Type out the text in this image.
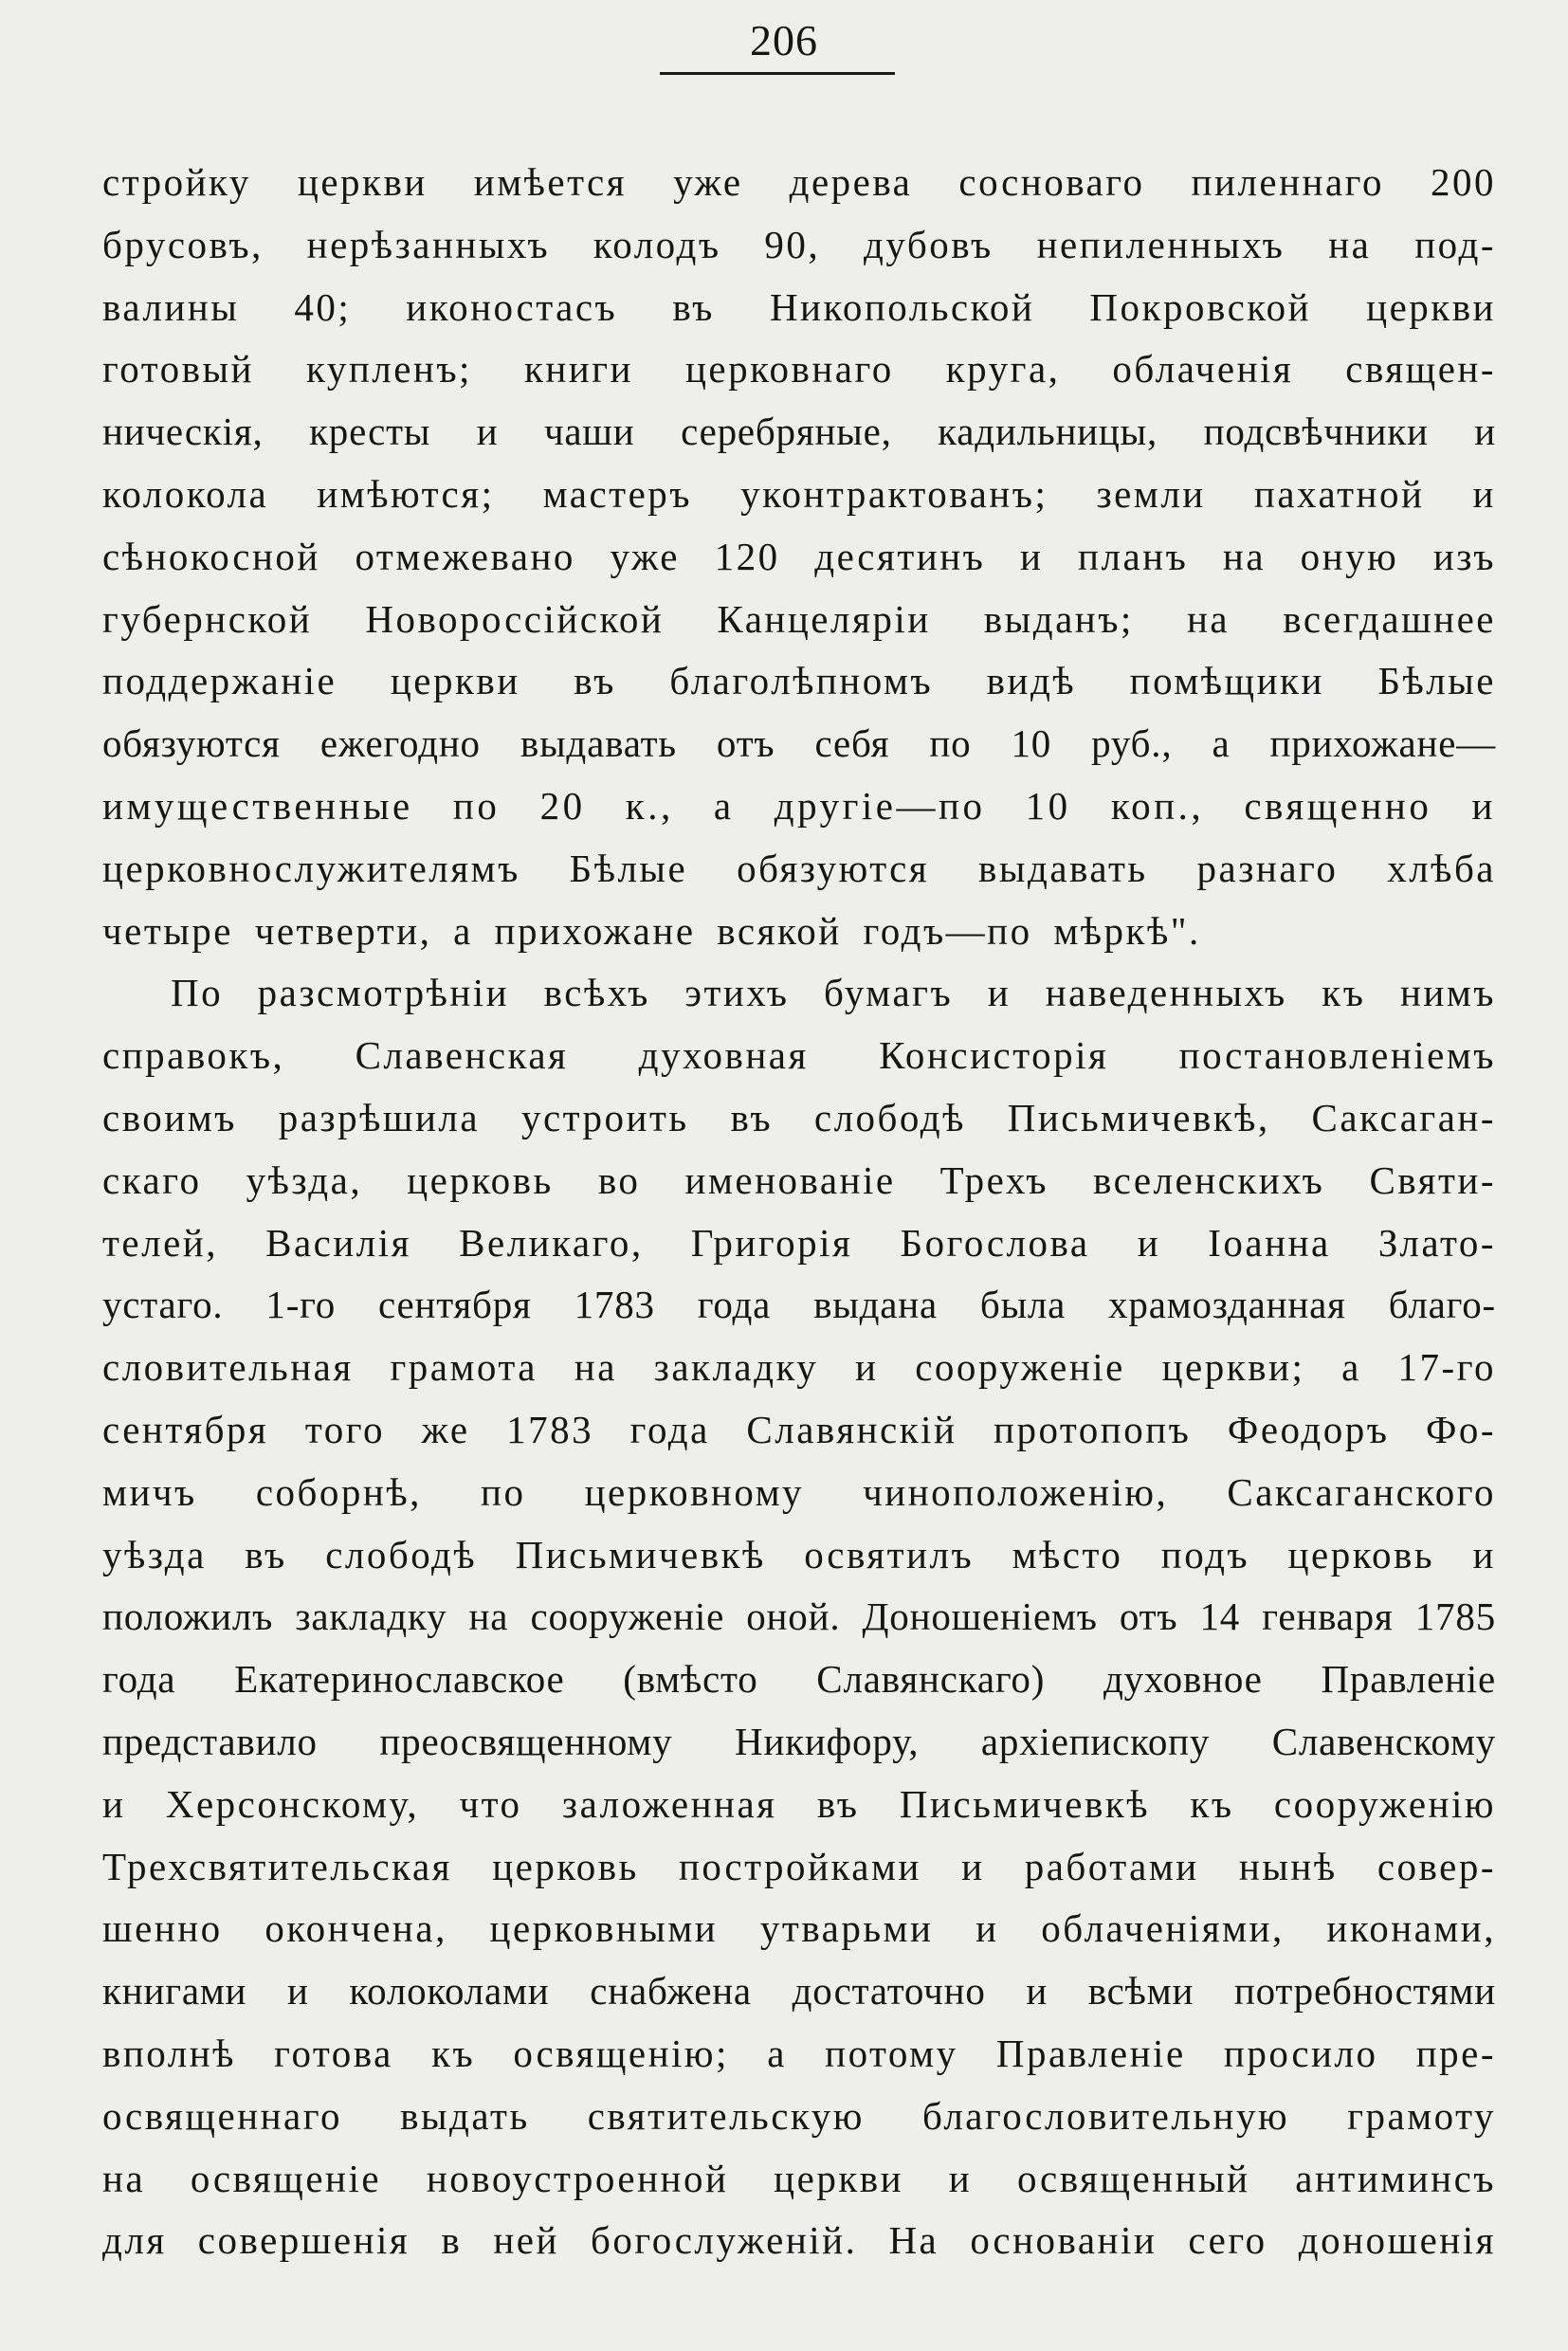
206
стройку церкви имѣется уже дерева сосноваго пиленнаго 200
брусовъ, нерѣзанныхъ колодъ 90, дубовъ непиленныхъ на под-
валины 40; иконостасъ въ Никопольской Покровской церкви
готовый купленъ; книги церковнаго круга, облаченія священ-
ническія, кресты и чаши серебряные, кадильницы, подсвѣчники и
колокола имѣются; мастеръ уконтрактованъ; земли пахатной и
сѣнокосной отмежевано уже 120 десятинъ и планъ на оную изъ
губернской Новороссійской Канцеляріи выданъ; на всегдашнее
поддержаніе церкви въ благолѣпномъ видѣ помѣщики Бѣлые
обязуются ежегодно выдавать отъ себя по 10 руб., а прихожане—
имущественные по 20 к., а другіе—по 10 коп., священно и
церковнослужителямъ Бѣлые обязуются выдавать разнаго хлѣба
четыре четверти, а прихожане всякой годъ—по мѣркѣ".
По разсмотрѣніи всѣхъ этихъ бумагъ и наведенныхъ къ нимъ
справокъ, Славенская духовная Консисторія постановленіемъ
своимъ разрѣшила устроить въ слободѣ Письмичевкѣ, Саксаган-
скаго уѣзда, церковь во именованіе Трехъ вселенскихъ Святи-
телей, Василія Великаго, Григорія Богослова и Іоанна Злато-
устаго. 1-го сентября 1783 года выдана была храмозданная благо-
словительная грамота на закладку и сооруженіе церкви; а 17-го
сентября того же 1783 года Славянскій протопопъ Феодоръ Фо-
мичъ соборнѣ, по церковному чиноположенію, Саксаганского
уѣзда въ слободѣ Письмичевкѣ освятилъ мѣсто подъ церковь и
положилъ закладку на сооруженіе оной. Доношеніемъ отъ 14 генваря 1785
года Екатеринославское (вмѣсто Славянскаго) духовное Правленіе
представило преосвященному Никифору, архіепископу Славенскому
и Херсонскому, что заложенная въ Письмичевкѣ къ сооруженію
Трехсвятительская церковь постройками и работами нынѣ совер-
шенно окончена, церковными утварьми и облаченіями, иконами,
книгами и колоколами снабжена достаточно и всѣми потребностями
вполнѣ готова къ освященію; а потому Правленіе просило пре-
освященнаго выдать святительскую благословительную грамоту
на освященіе новоустроенной церкви и освященный антиминсъ
для совершенія в ней богослуженій. На основаніи сего доношенія
